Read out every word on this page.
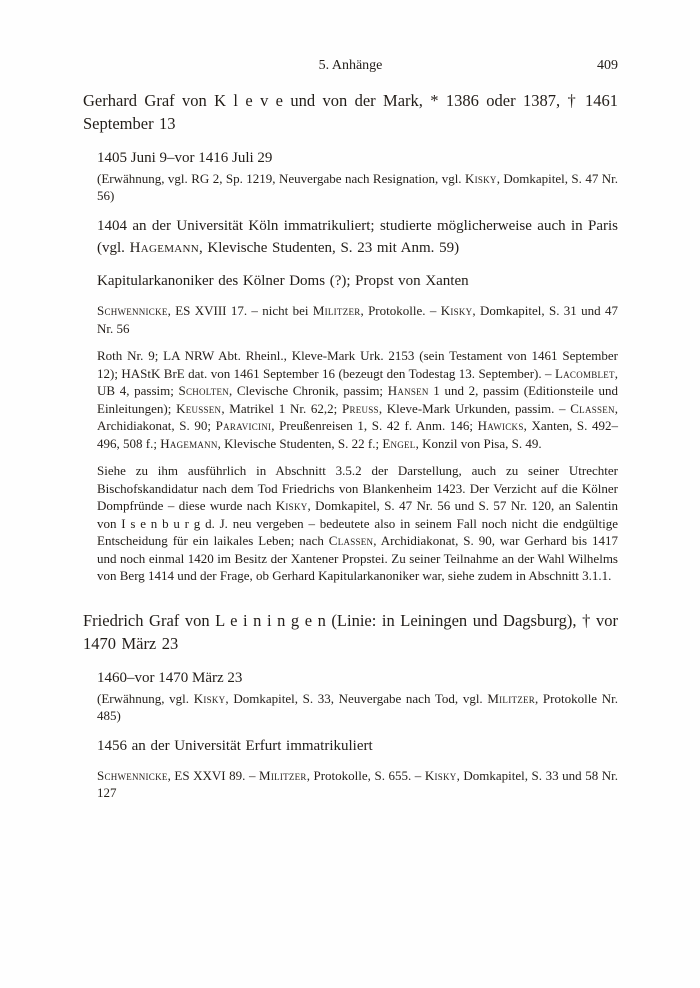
5. Anhänge	409
Gerhard Graf von K l e v e und von der Mark, * 1386 oder 1387, † 1461 September 13

1405 Juni 9–vor 1416 Juli 29

(Erwähnung, vgl. RG 2, Sp. 1219, Neuvergabe nach Resignation, vgl. Kisky, Domkapitel, S. 47 Nr. 56)

1404 an der Universität Köln immatrikuliert; studierte möglicherweise auch in Paris (vgl. Hagemann, Klevische Studenten, S. 23 mit Anm. 59)

Kapitularkanoniker des Kölner Doms (?); Propst von Xanten

Schwennicke, ES XVIII 17. – nicht bei Militzer, Protokolle. – Kisky, Domkapitel, S. 31 und 47 Nr. 56

Roth Nr. 9; LA NRW Abt. Rheinl., Kleve-Mark Urk. 2153 (sein Testament von 1461 September 12); HAStK BrE dat. von 1461 September 16 (bezeugt den Todestag 13. September). – Lacomblet, UB 4, passim; Scholten, Clevische Chronik, passim; Hansen 1 und 2, passim (Editionsteile und Einleitungen); Keussen, Matrikel 1 Nr. 62,2; Preuss, Kleve-Mark Urkunden, passim. – Classen, Archidiakonat, S. 90; Paravicini, Preußenreisen 1, S. 42 f. Anm. 146; Hawicks, Xanten, S. 492–496, 508 f.; Hagemann, Klevische Studenten, S. 22 f.; Engel, Konzil von Pisa, S. 49.

Siehe zu ihm ausführlich in Abschnitt 3.5.2 der Darstellung, auch zu seiner Utrechter Bischofskandidatur nach dem Tod Friedrichs von Blankenheim 1423. Der Verzicht auf die Kölner Dompfründe – diese wurde nach Kisky, Domkapitel, S. 47 Nr. 56 und S. 57 Nr. 120, an Salentin von I s e n b u r g d. J. neu vergeben – bedeutete also in seinem Fall noch nicht die endgültige Entscheidung für ein laikales Leben; nach Classen, Archidiakonat, S. 90, war Gerhard bis 1417 und noch einmal 1420 im Besitz der Xantener Propstei. Zu seiner Teilnahme an der Wahl Wilhelms von Berg 1414 und der Frage, ob Gerhard Kapitularkanoniker war, siehe zudem in Abschnitt 3.1.1.

Friedrich Graf von L e i n i n g e n (Linie: in Leiningen und Dagsburg), † vor 1470 März 23

1460–vor 1470 März 23

(Erwähnung, vgl. Kisky, Domkapitel, S. 33, Neuvergabe nach Tod, vgl. Militzer, Protokolle Nr. 485)

1456 an der Universität Erfurt immatrikuliert

Schwennicke, ES XXVI 89. – Militzer, Protokolle, S. 655. – Kisky, Domkapitel, S. 33 und 58 Nr. 127
